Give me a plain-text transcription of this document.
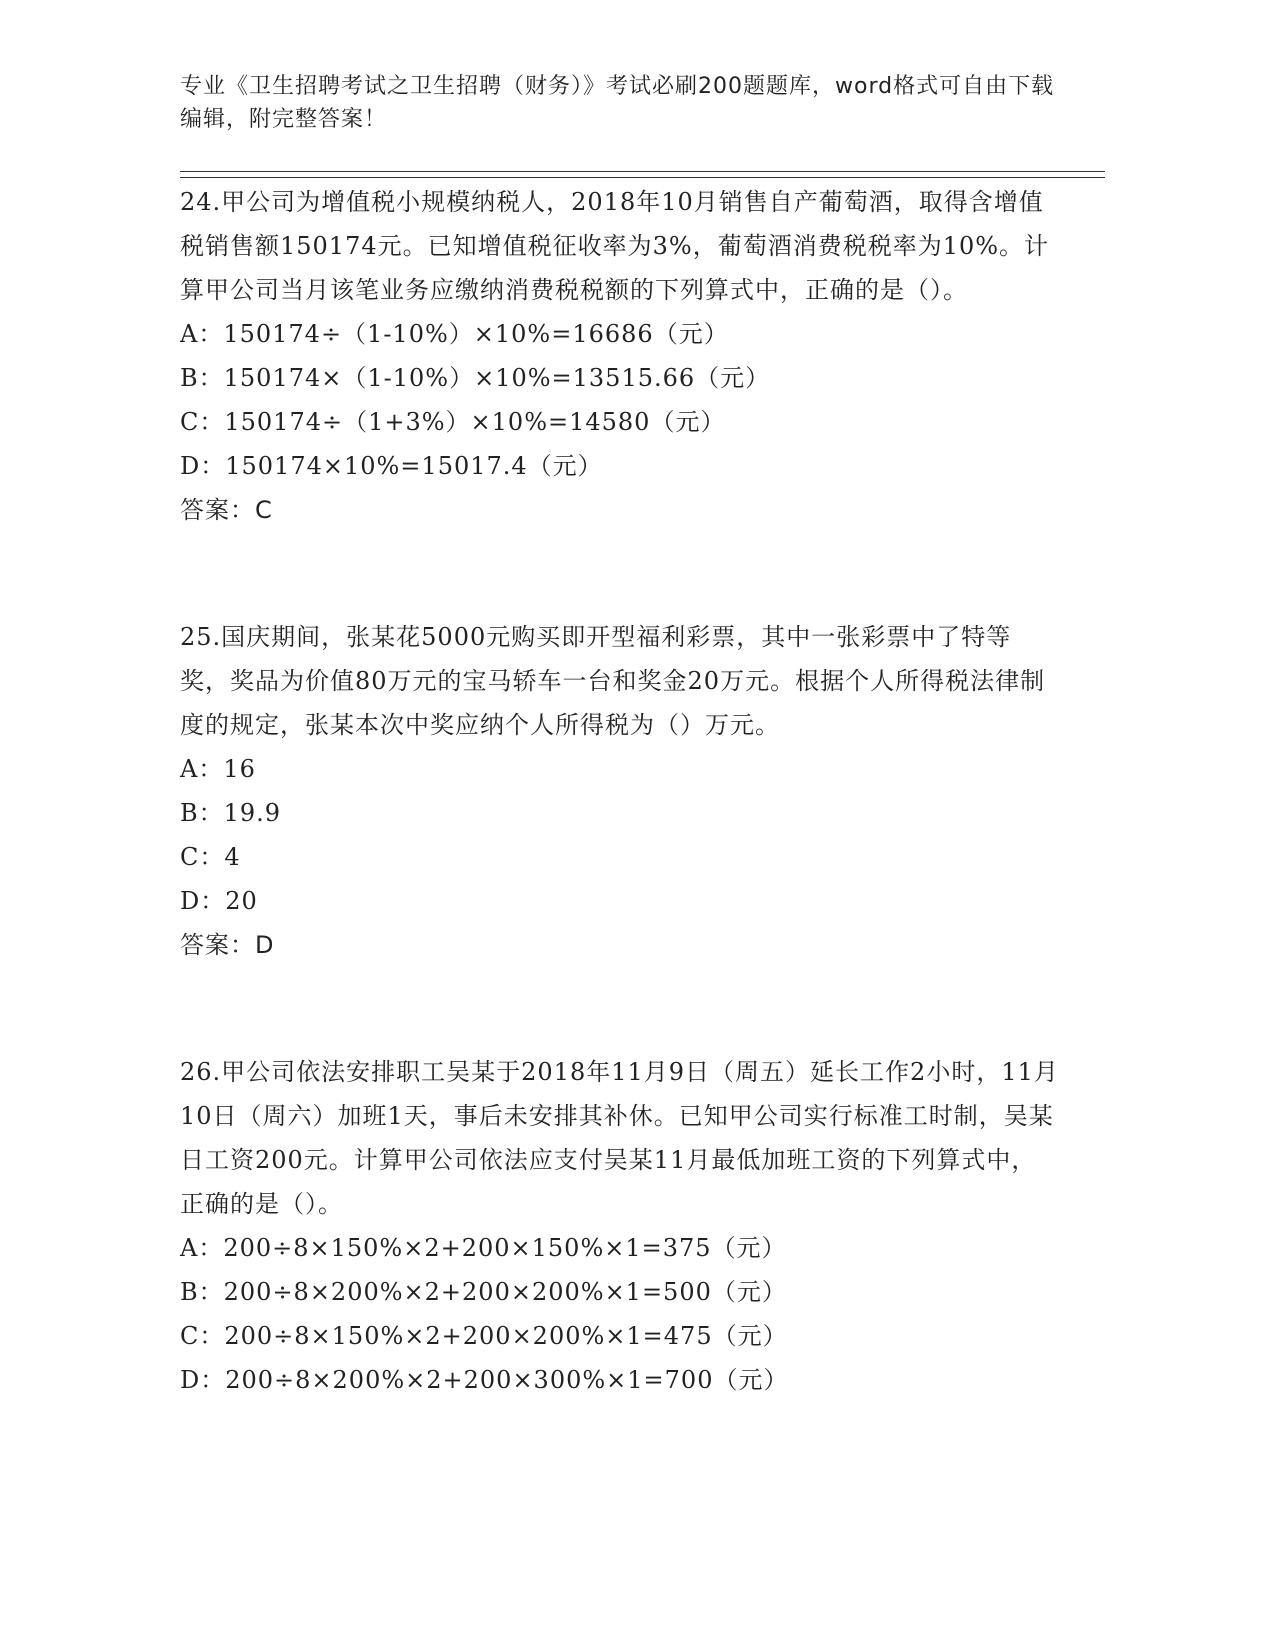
专业《卫生招聘考试之卫生招聘（财务）》考试必刷200题题库，word格式可自由下载编辑，附完整答案！
24.甲公司为增值税小规模纳税人，2018年10月销售自产葡萄酒，取得含增值税销售额150174元。已知增值税征收率为3%，葡萄酒消费税税率为10%。计算甲公司当月该笔业务应缴纳消费税税额的下列算式中，正确的是（）。
A：150174÷（1-10%）×10%=16686（元）
B：150174×（1-10%）×10%=13515.66（元）
C：150174÷（1+3%）×10%=14580（元）
D：150174×10%=15017.4（元）
答案：C
25.国庆期间，张某花5000元购买即开型福利彩票，其中一张彩票中了特等奖，奖品为价值80万元的宝马轿车一台和奖金20万元。根据个人所得税法律制度的规定，张某本次中奖应纳个人所得税为（）万元。
A：16
B：19.9
C：4
D：20
答案：D
26.甲公司依法安排职工吴某于2018年11月9日（周五）延长工作2小时，11月10日（周六）加班1天，事后未安排其补休。已知甲公司实行标准工时制，吴某日工资200元。计算甲公司依法应支付吴某11月最低加班工资的下列算式中，正确的是（）。
A：200÷8×150%×2+200×150%×1=375（元）
B：200÷8×200%×2+200×200%×1=500（元）
C：200÷8×150%×2+200×200%×1=475（元）
D：200÷8×200%×2+200×300%×1=700（元）
